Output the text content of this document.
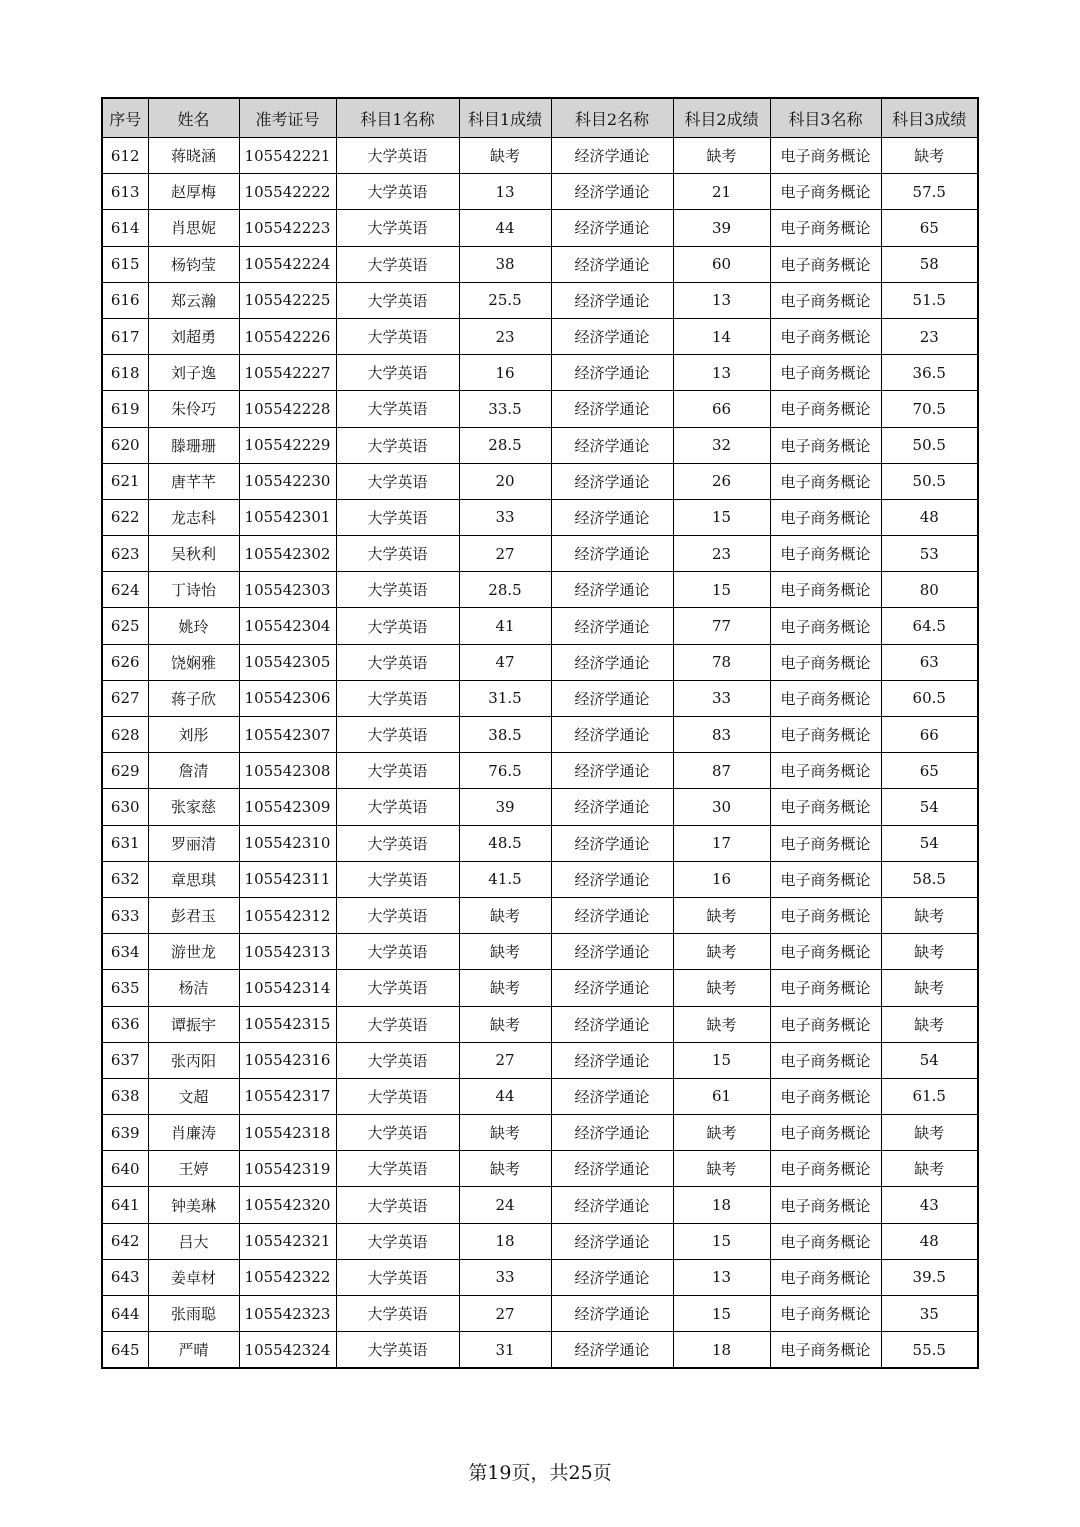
序号	姓名	准考证号	科目1名称	科目1成绩	科目2名称	科目2成绩	科目3名称	科目3成绩
612	蒋晓涵	105542221	大学英语	缺考	经济学通论	缺考	电子商务概论	缺考
613	赵厚梅	105542222	大学英语	13	经济学通论	21	电子商务概论	57.5
614	肖思妮	105542223	大学英语	44	经济学通论	39	电子商务概论	65
615	杨钧莹	105542224	大学英语	38	经济学通论	60	电子商务概论	58
616	郑云瀚	105542225	大学英语	25.5	经济学通论	13	电子商务概论	51.5
617	刘超勇	105542226	大学英语	23	经济学通论	14	电子商务概论	23
618	刘子逸	105542227	大学英语	16	经济学通论	13	电子商务概论	36.5
619	朱伶巧	105542228	大学英语	33.5	经济学通论	66	电子商务概论	70.5
620	滕珊珊	105542229	大学英语	28.5	经济学通论	32	电子商务概论	50.5
621	唐芊芊	105542230	大学英语	20	经济学通论	26	电子商务概论	50.5
622	龙志科	105542301	大学英语	33	经济学通论	15	电子商务概论	48
623	吴秋利	105542302	大学英语	27	经济学通论	23	电子商务概论	53
624	丁诗怡	105542303	大学英语	28.5	经济学通论	15	电子商务概论	80
625	姚玲	105542304	大学英语	41	经济学通论	77	电子商务概论	64.5
626	饶娴雅	105542305	大学英语	47	经济学通论	78	电子商务概论	63
627	蒋子欣	105542306	大学英语	31.5	经济学通论	33	电子商务概论	60.5
628	刘彤	105542307	大学英语	38.5	经济学通论	83	电子商务概论	66
629	詹清	105542308	大学英语	76.5	经济学通论	87	电子商务概论	65
630	张家慈	105542309	大学英语	39	经济学通论	30	电子商务概论	54
631	罗丽清	105542310	大学英语	48.5	经济学通论	17	电子商务概论	54
632	章思琪	105542311	大学英语	41.5	经济学通论	16	电子商务概论	58.5
633	彭君玉	105542312	大学英语	缺考	经济学通论	缺考	电子商务概论	缺考
634	游世龙	105542313	大学英语	缺考	经济学通论	缺考	电子商务概论	缺考
635	杨洁	105542314	大学英语	缺考	经济学通论	缺考	电子商务概论	缺考
636	谭振宇	105542315	大学英语	缺考	经济学通论	缺考	电子商务概论	缺考
637	张丙阳	105542316	大学英语	27	经济学通论	15	电子商务概论	54
638	文超	105542317	大学英语	44	经济学通论	61	电子商务概论	61.5
639	肖廉涛	105542318	大学英语	缺考	经济学通论	缺考	电子商务概论	缺考
640	王婷	105542319	大学英语	缺考	经济学通论	缺考	电子商务概论	缺考
641	钟美琳	105542320	大学英语	24	经济学通论	18	电子商务概论	43
642	吕大	105542321	大学英语	18	经济学通论	15	电子商务概论	48
643	姜卓材	105542322	大学英语	33	经济学通论	13	电子商务概论	39.5
644	张雨聪	105542323	大学英语	27	经济学通论	15	电子商务概论	35
645	严晴	105542324	大学英语	31	经济学通论	18	电子商务概论	55.5
第19页，共25页
